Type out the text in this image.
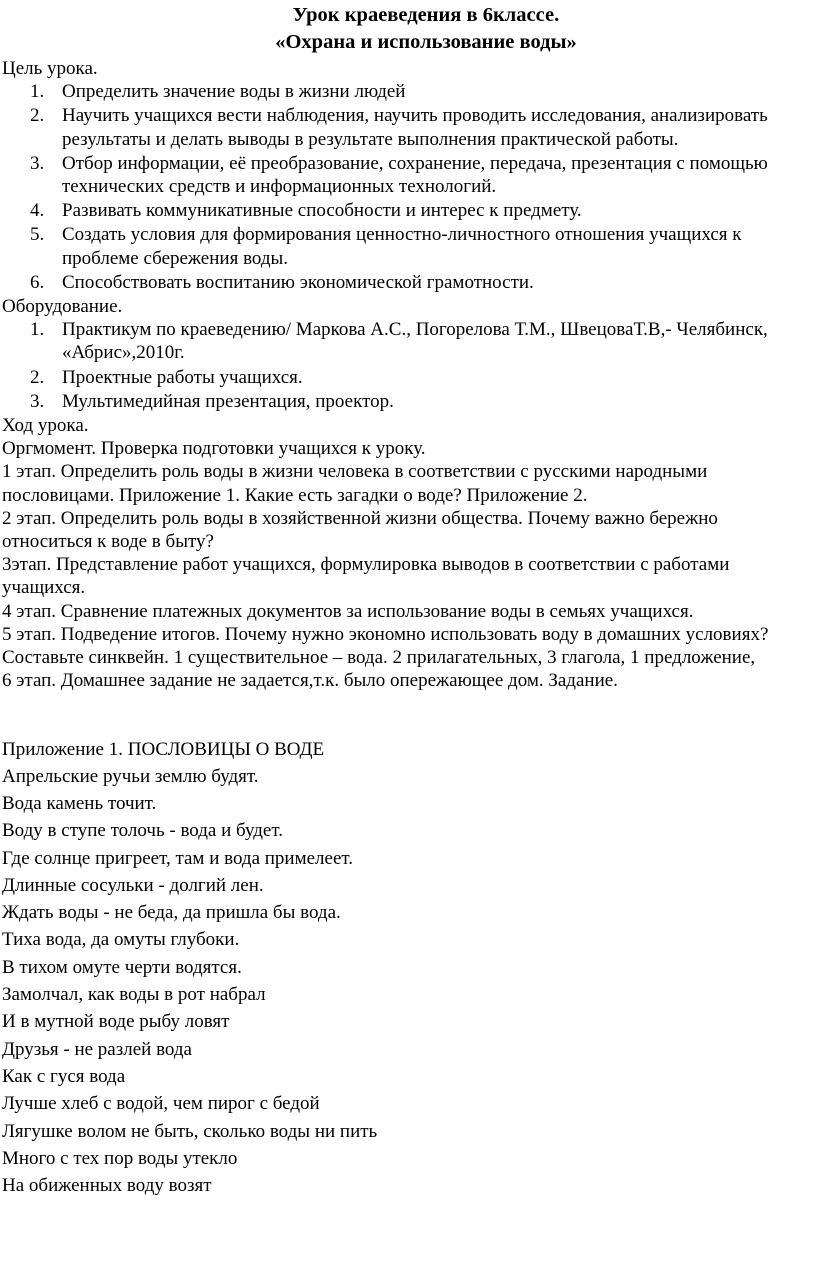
Урок краеведения в 6классе.

«Охрана и использование воды»

Цель урока.

1. Определить значение воды в жизни людей
2. Научить учащихся вести наблюдения, научить проводить исследования, анализировать результаты и делать выводы в результате выполнения практической работы.
3. Отбор информации, её преобразование, сохранение, передача, презентация с помощью технических средств и информационных технологий.
4. Развивать коммуникативные способности и интерес к предмету.
5. Создать условия для формирования ценностно-личностного отношения учащихся к проблеме сбережения воды.
6. Способствовать воспитанию экономической грамотности.

Оборудование.

1. Практикум по краеведению/ Маркова А.С., Погорелова Т.М., ШвецоваТ.В,- Челябинск, «Абрис»,2010г.
2. Проектные работы учащихся.
3. Мультимедийная презентация, проектор.

Ход урока.

Оргмомент. Проверка подготовки учащихся к уроку.

1 этап. Определить роль воды в жизни человека в соответствии с русскими народными пословицами. Приложение 1. Какие есть загадки о воде? Приложение 2.

2 этап. Определить роль воды в хозяйственной жизни общества. Почему важно бережно относиться к воде в быту?

3этап. Представление работ учащихся, формулировка выводов в соответствии с работами учащихся.

4 этап. Сравнение платежных документов за использование воды в семьях учащихся.

5 этап. Подведение итогов. Почему нужно экономно использовать воду в домашних условиях? Составьте синквейн. 1 существительное – вода. 2 прилагательных, 3 глагола, 1 предложение,

6 этап. Домашнее задание не задается,т.к. было опережающее дом. Задание.

Приложение 1. ПОСЛОВИЦЫ О ВОДЕ

Апрельские ручьи землю будят.

Вода камень точит.

Воду в ступе толочь - вода и будет.

Где солнце пригреет, там и вода примелеет.

Длинные сосульки - долгий лен.

Ждать воды - не беда, да пришла бы вода.

Тиха вода, да омуты глубоки.

В тихом омуте черти водятся.

Замолчал, как воды в рот набрал

И в мутной воде рыбу ловят

Друзья - не разлей вода

Как с гуся вода

Лучше хлеб с водой, чем пирог с бедой

Лягушке волом не быть, сколько воды ни пить

Много с тех пор воды утекло

На обиженных воду возят
